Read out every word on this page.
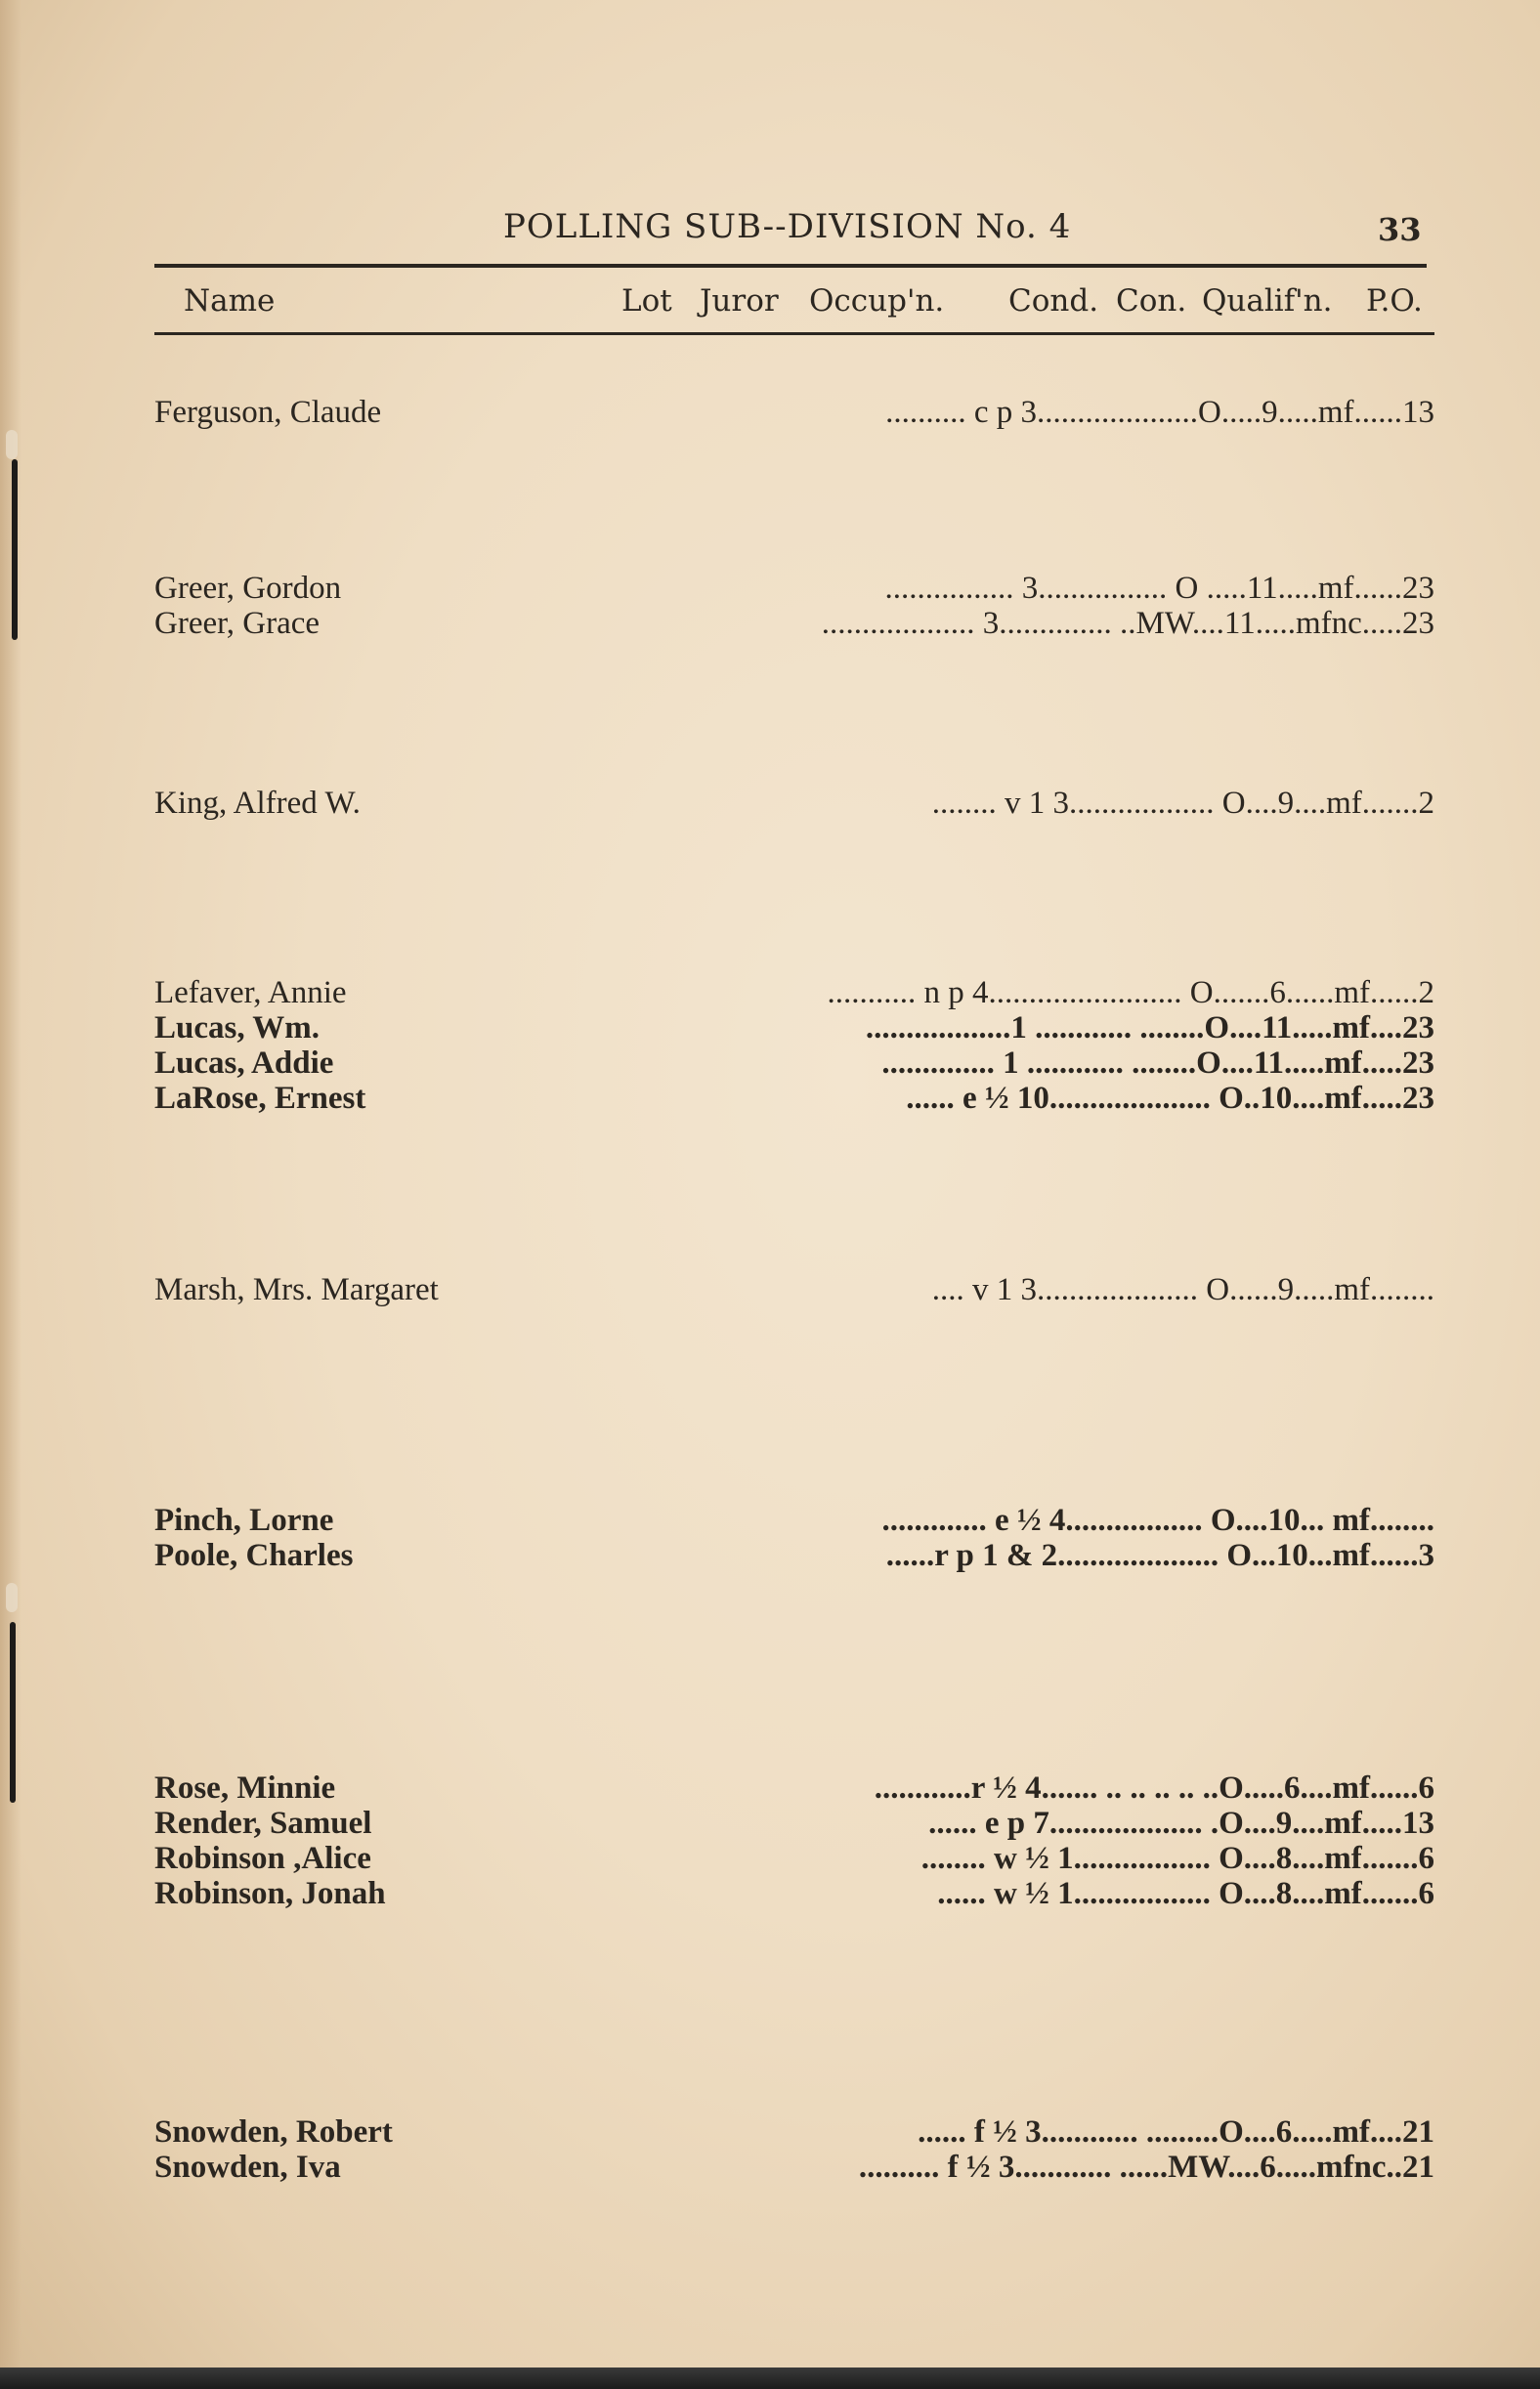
POLLING SUB--DIVISION No. 4	33
Name	Lot Juror Occup'n. Cond. Con. Qualif'n. P.O.
Ferguson, Claude	.......... c p 3....................O.....9.....mf......13
Greer, Gordon	................ 3................ O .....11.....mf......23
Greer, Grace	................... 3.............. ..MW....11.....mfnc.....23
King, Alfred W.	........ v 1 3.................. O....9....mf.......2
Lefaver, Annie	........... n p 4........................ O.......6......mf......2
Lucas, Wm.	..................1 ............ ........O....11.....mf....23
Lucas, Addie	.............. 1 ............ ........O....11.....mf.....23
LaRose, Ernest	...... e ½ 10.................... O..10....mf.....23
Marsh, Mrs. Margaret	.... v 1 3.................... O......9.....mf........
Pinch, Lorne	............. e ½ 4................. O....10... mf........
Poole, Charles	......r p 1 & 2.................... O...10...mf......3
Rose, Minnie	............r ½ 4....... .. .. .. .. ..O.....6....mf......6
Render, Samuel	...... e p 7................... .O....9....mf.....13
Robinson ,Alice	........ w ½ 1................. O....8....mf.......6
Robinson, Jonah	...... w ½ 1................. O....8....mf.......6
Snowden, Robert	...... f ½ 3............ .........O....6.....mf....21
Snowden, Iva	.......... f ½ 3............ ......MW....6.....mfnc..21
